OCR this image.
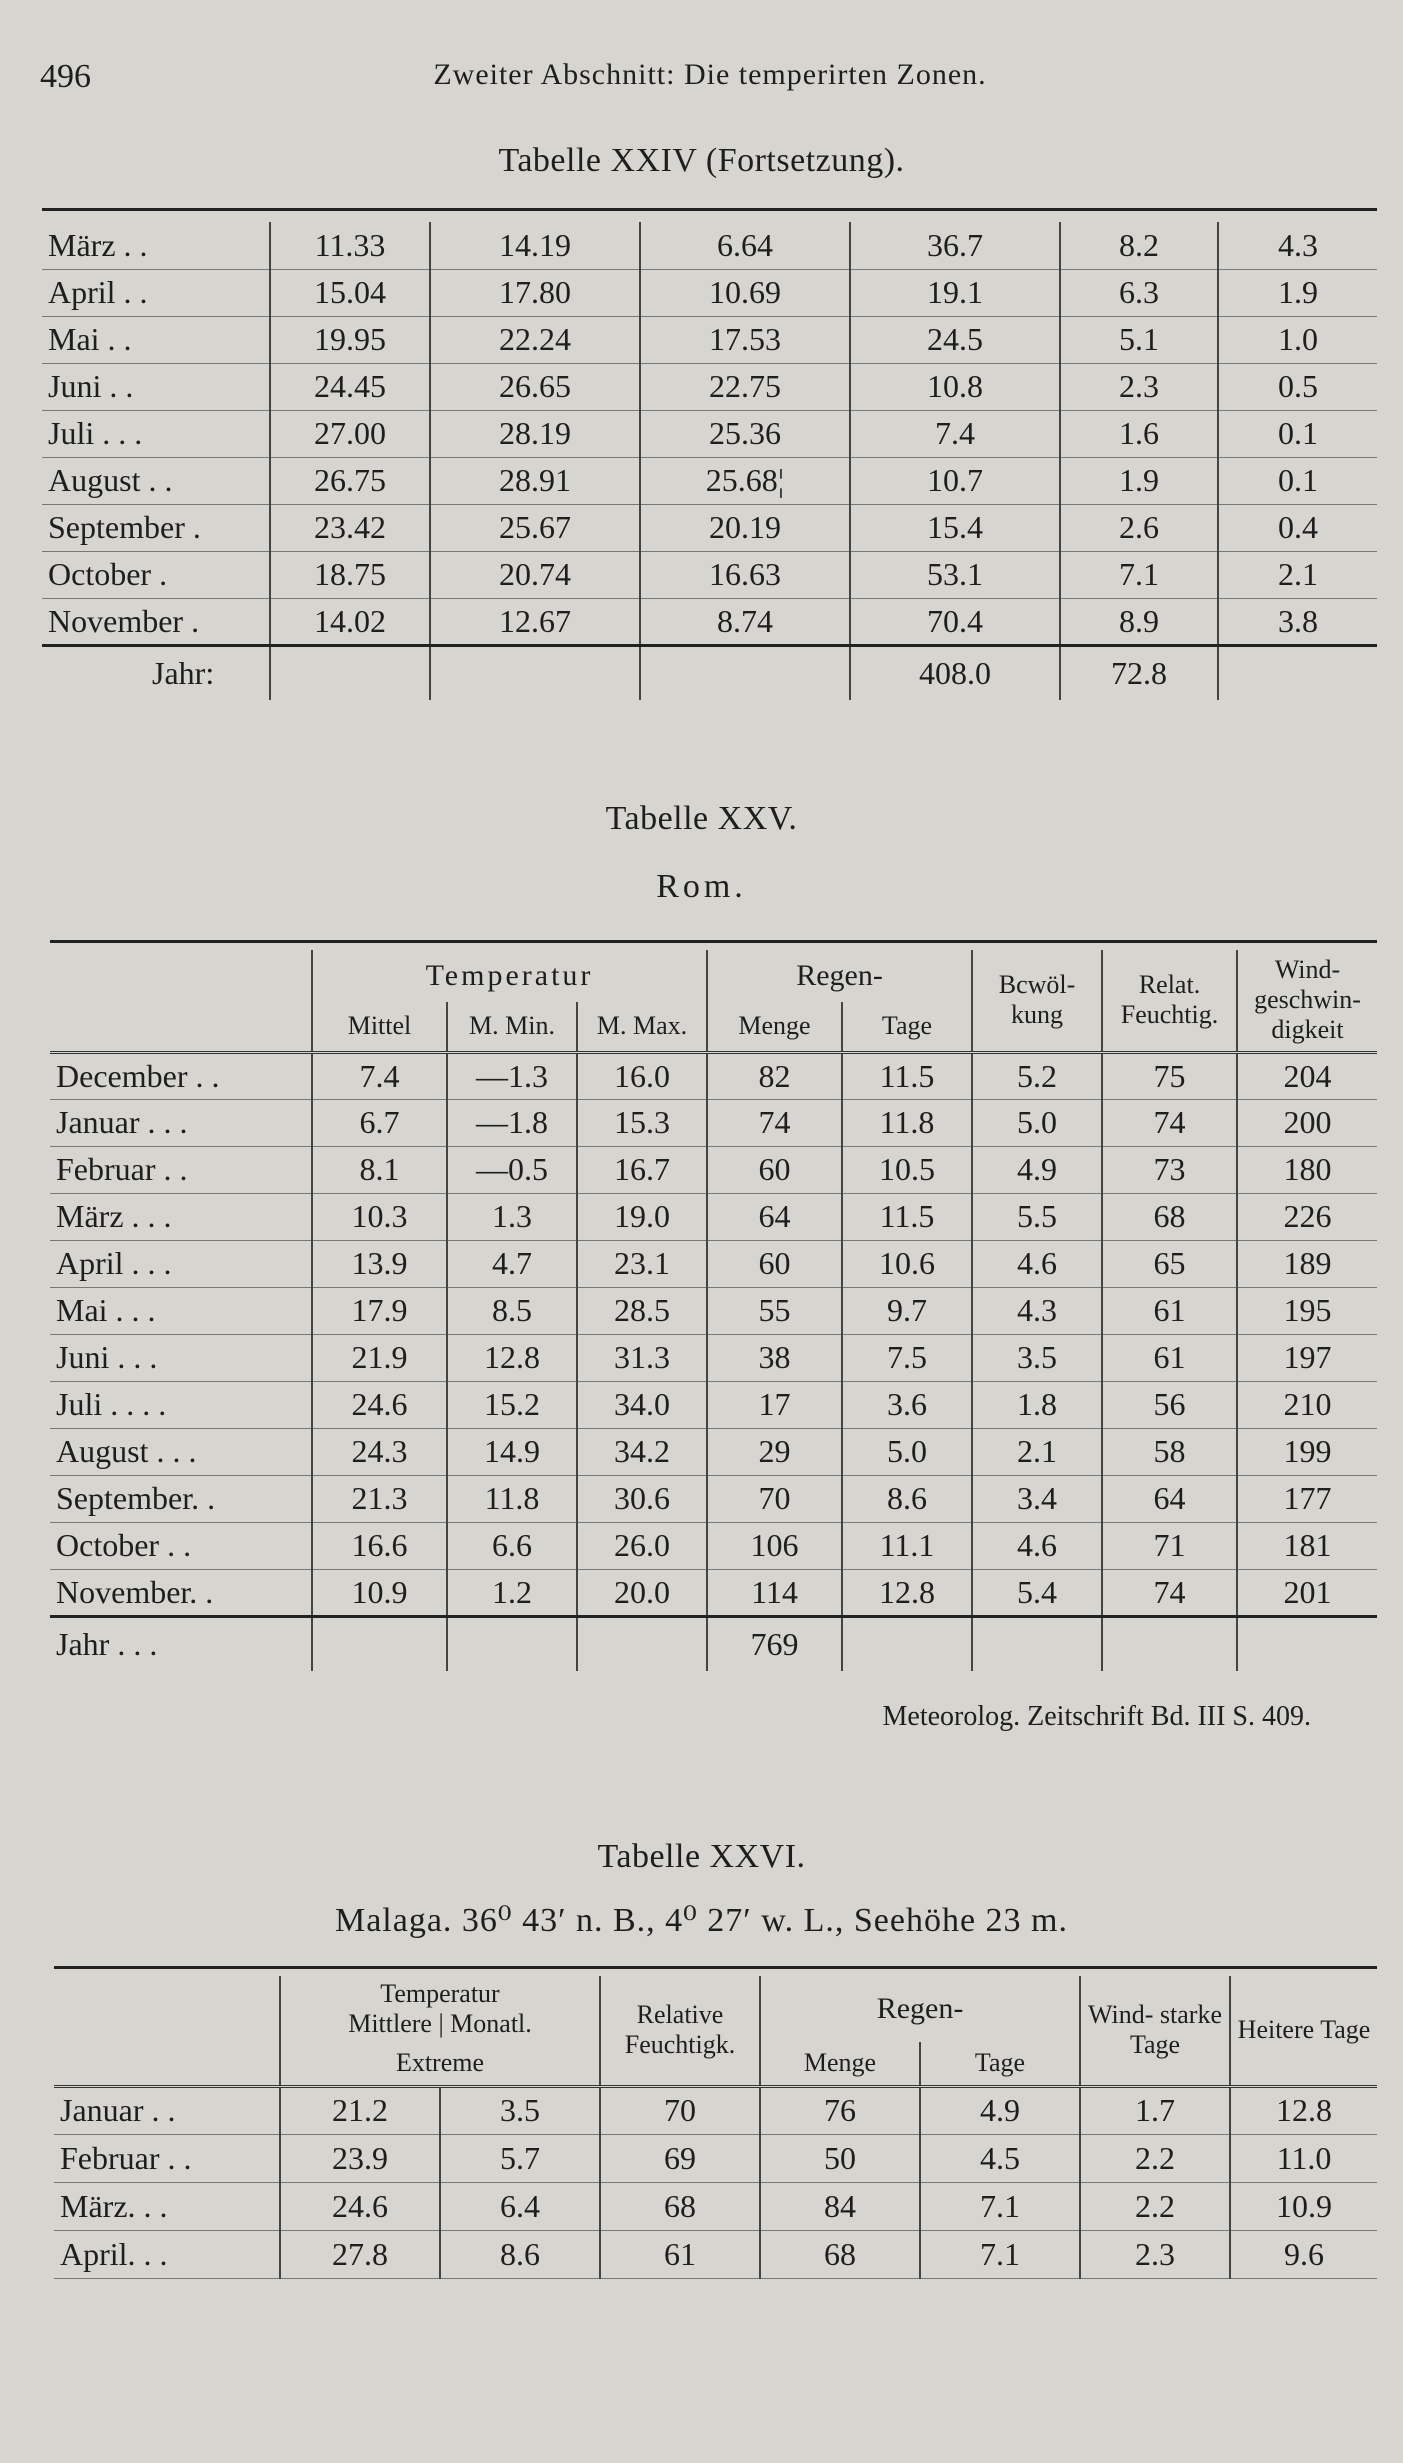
496	Zweiter Abschnitt: Die temperirten Zonen.
Tabelle XXIV (Fortsetzung).
März . .	11.33	14.19	6.64	36.7	8.2	4.3
April . .	15.04	17.80	10.69	19.1	6.3	1.9
Mai . .	19.95	22.24	17.53	24.5	5.1	1.0
Juni . .	24.45	26.65	22.75	10.8	2.3	0.5
Juli . . .	27.00	28.19	25.36	7.4	1.6	0.1
August . .	26.75	28.91	25.68¦	10.7	1.9	0.1
September .	23.42	25.67	20.19	15.4	2.6	0.4
October .	18.75	20.74	16.63	53.1	7.1	2.1
November .	14.02	12.67	8.74	70.4	8.9	3.8
Jahr:				408.0	72.8	
Tabelle XXV.
Rom.
	Temperatur			Regen-		Bcwöl- kung	Relat. Feuchtig.	Wind- geschwin- digkeit
	Mittel	M. Min.	M. Max.	Menge	Tage			
December . .	7.4	—1.3	16.0	82	11.5	5.2	75	204
Januar . . .	6.7	—1.8	15.3	74	11.8	5.0	74	200
Februar . .	8.1	—0.5	16.7	60	10.5	4.9	73	180
März . . .	10.3	1.3	19.0	64	11.5	5.5	68	226
April . . .	13.9	4.7	23.1	60	10.6	4.6	65	189
Mai . . .	17.9	8.5	28.5	55	9.7	4.3	61	195
Juni . . .	21.9	12.8	31.3	38	7.5	3.5	61	197
Juli . . . .	24.6	15.2	34.0	17	3.6	1.8	56	210
August . . .	24.3	14.9	34.2	29	5.0	2.1	58	199
September. .	21.3	11.8	30.6	70	8.6	3.4	64	177
October . .	16.6	6.6	26.0	106	11.1	4.6	71	181
November. .	10.9	1.2	20.0	114	12.8	5.4	74	201
Jahr . . .				769				
Meteorolog. Zeitschrift Bd. III S. 409.
Tabelle XXVI.
Malaga. 36⁰ 43′ n. B., 4⁰ 27′ w. L., Seehöhe 23 m.

	Temperatur
Mittlere | Monatl.		Relative Feuchtigk.	Regen-		Wind- starke Tage	Heitere Tage
	Extreme			Menge	Tage		
Januar . .	21.2	3.5	70	76	4.9	1.7	12.8
Februar . .	23.9	5.7	69	50	4.5	2.2	11.0
März. . .	24.6	6.4	68	84	7.1	2.2	10.9
April. . .	27.8	8.6	61	68	7.1	2.3	9.6
